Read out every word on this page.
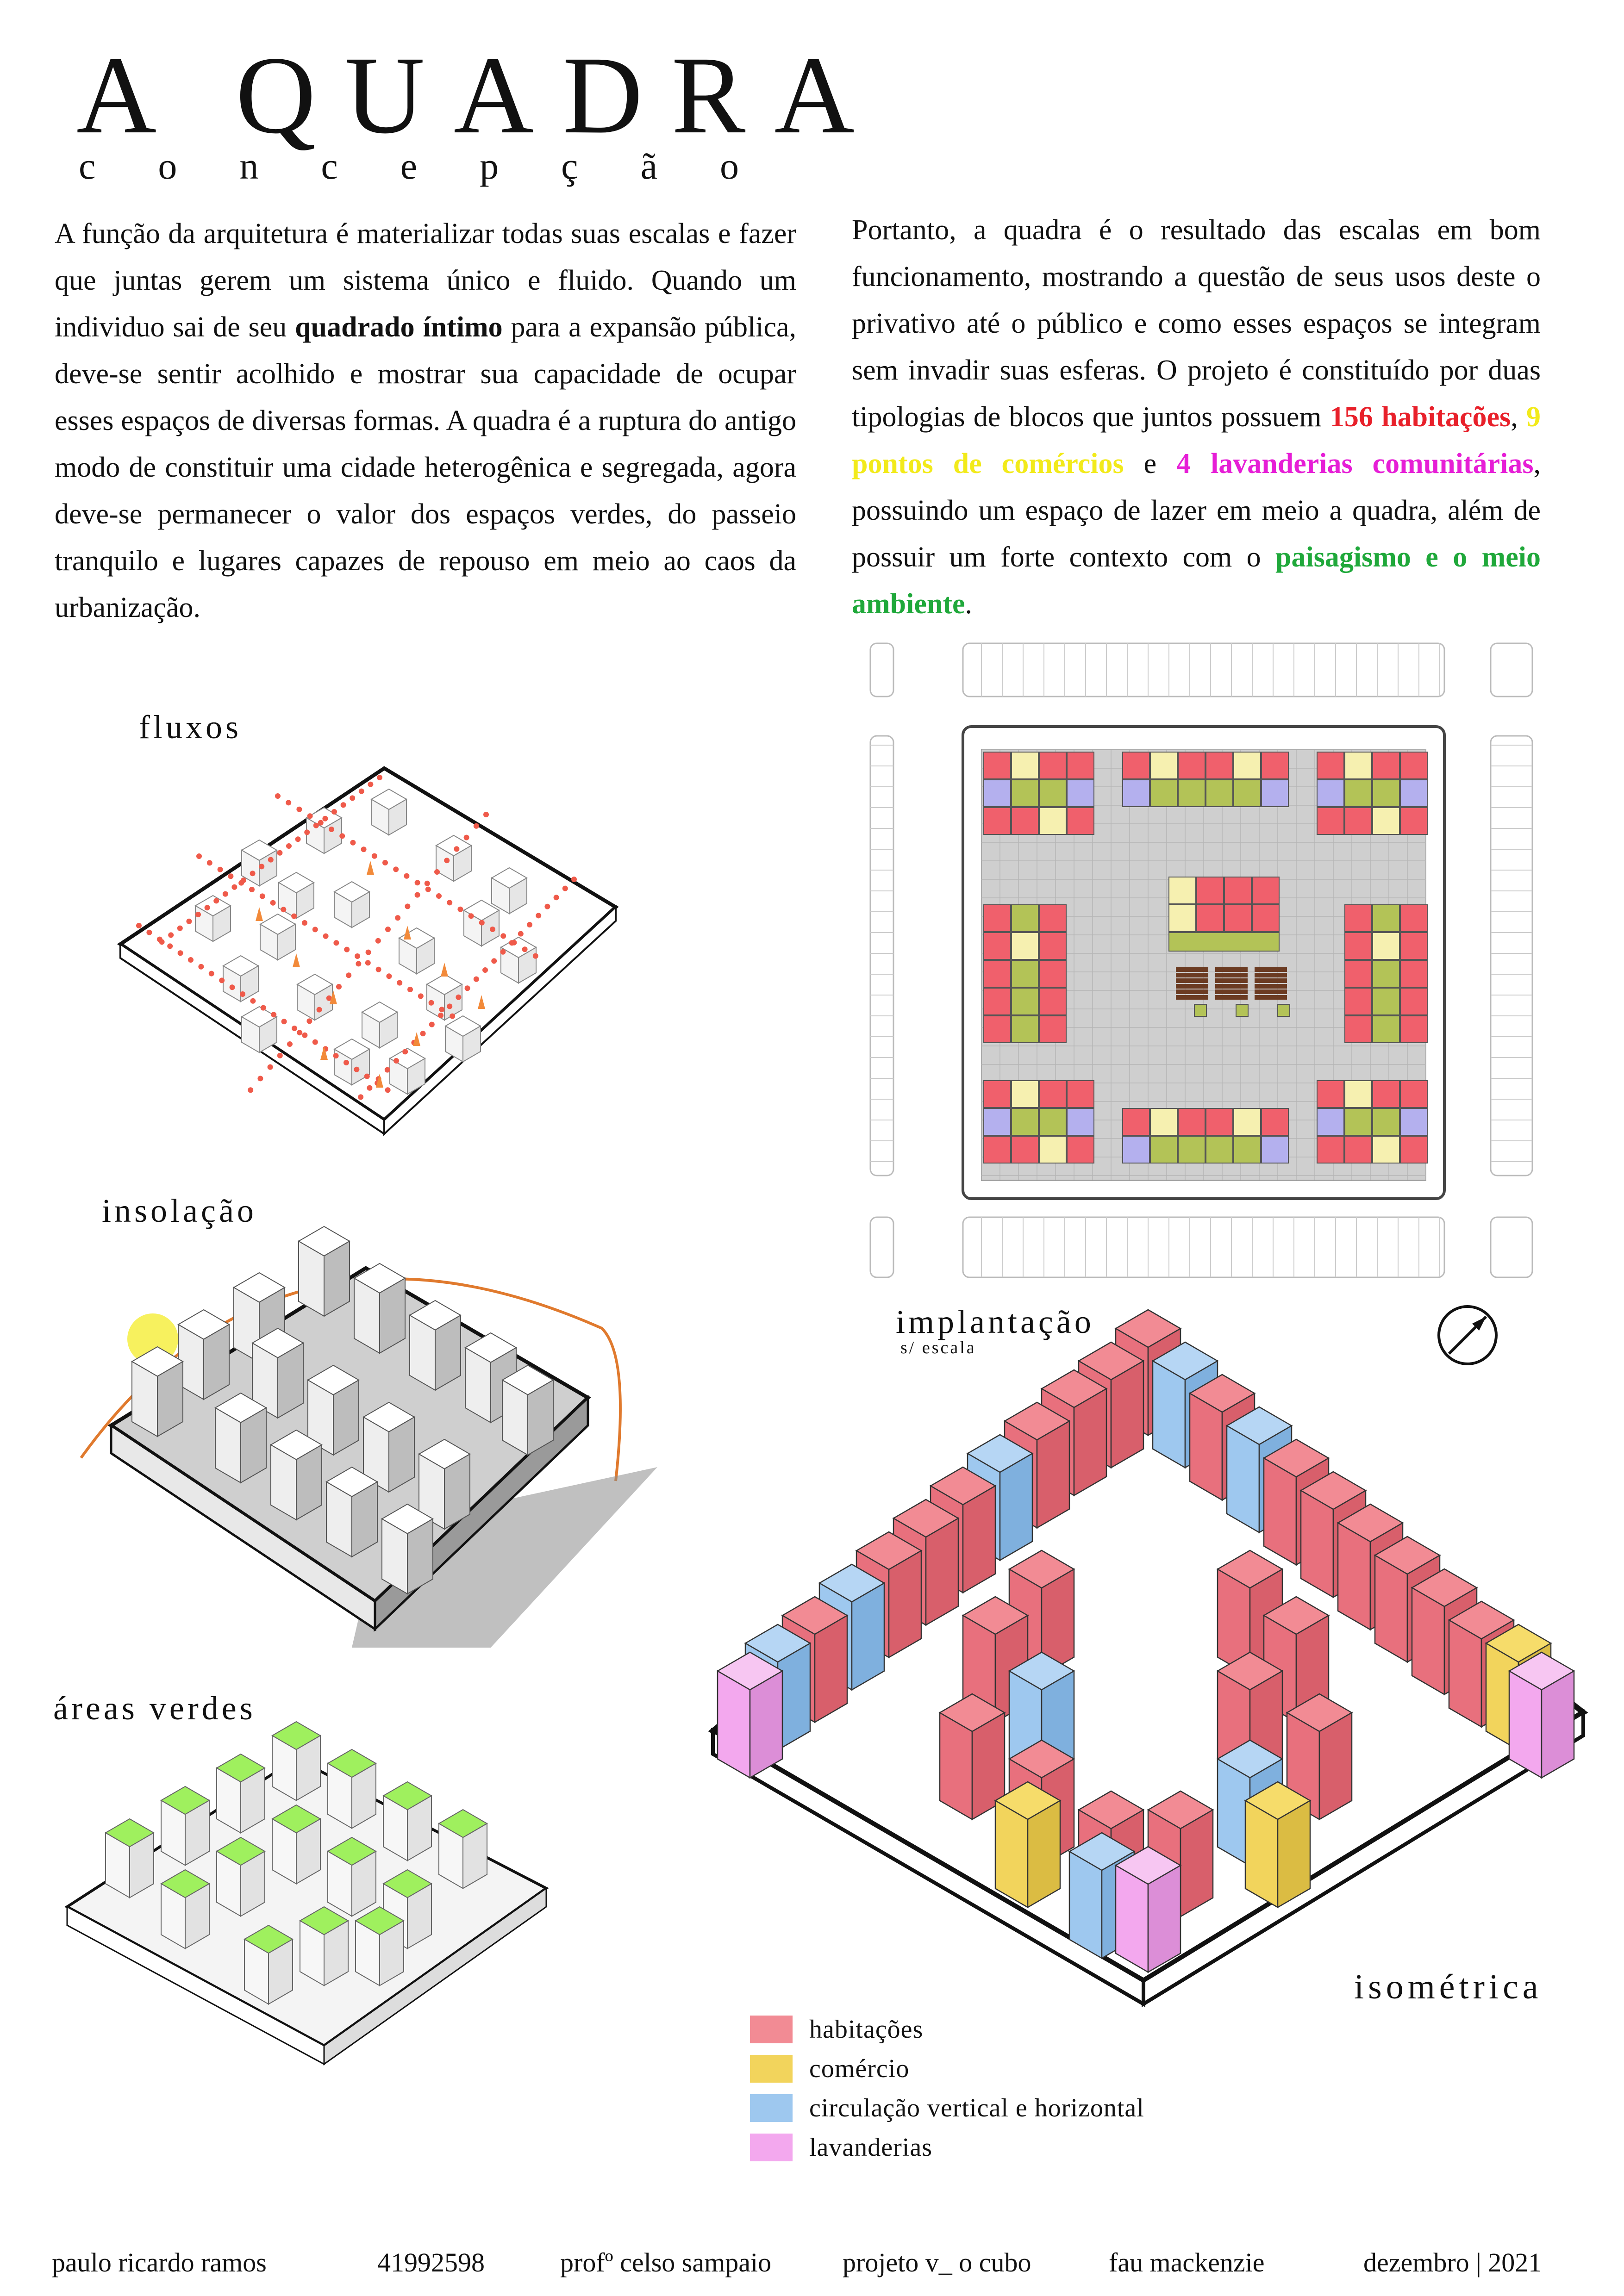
A QUADRA
concepção
A função da arquitetura é materializar todas suas escalas e fazer que juntas gerem um sistema único e fluido. Quando um individuo sai de seu quadrado íntimo para a expansão pública, deve-se sentir acolhido e mostrar sua capacidade de ocupar esses espaços de diversas formas. A quadra é a ruptura do antigo modo de constituir uma cidade heterogênica e segregada, agora deve-se permanecer o valor dos espaços verdes, do passeio tranquilo e lugares capazes de repouso em meio ao caos da urbanização.
Portanto, a quadra é o resultado das escalas em bom funcionamento, mostrando a questão de seus usos deste o privativo até o público e como esses espaços se integram sem invadir suas esferas. O projeto é constituído por duas tipologias de blocos que juntos possuem 156 habitações, 9 pontos de comércios e 4 lavanderias comunitárias, possuindo um espaço de lazer em meio a quadra, além de possuir um forte contexto com o paisagismo e o meio ambiente.
fluxos
insolação
áreas verdes
implantação
s/ escala
isométrica
habitações
comércio
circulação vertical e horizontal
lavanderias
paulo ricardo ramos	41992598	profº celso sampaio	projeto v_ o cubo	fau mackenzie	dezembro | 2021
